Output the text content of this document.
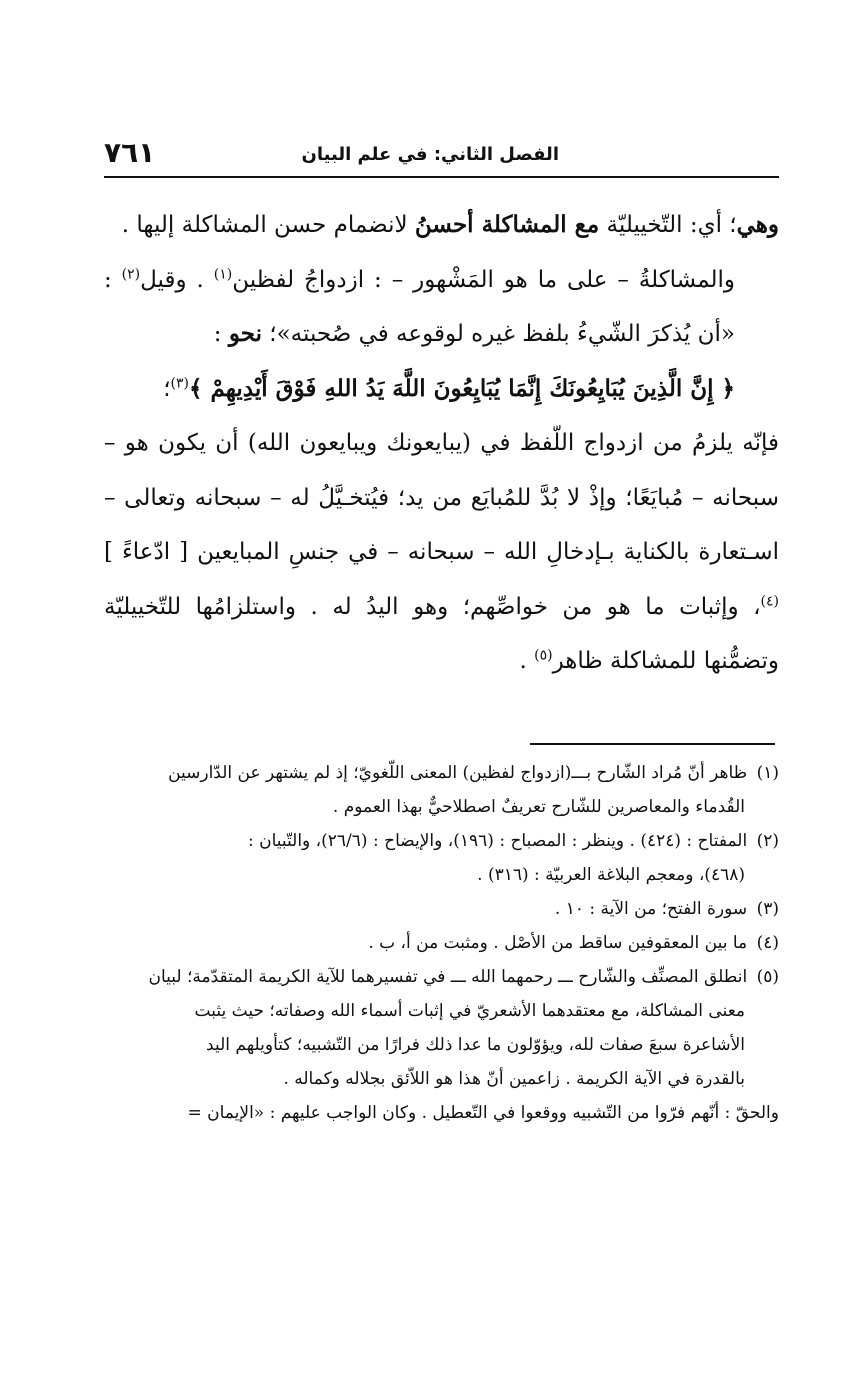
٧٦١	الفصل الثاني: في علم البيان

وهي؛ أي: التّخييليّة مع المشاكلة أحسنُ لانضمام حسن المشاكلة إليها .

والمشاكلةُ – على ما هو المَشْهور – : ازدواجُ لفظين$^{(١)}$ . وقيل$^{(٢)}$ : «أن يُذكرَ الشّيءُ بلفظ غيره لوقوعه في صُحبته»؛ نحو :

﴿ إِنَّ الَّذِينَ يُبَايِعُونَكَ إِنَّمَا يُبَايِعُونَ اللَّهَ يَدُ اللهِ فَوْقَ أَيْدِيهِمْ ﴾$^{(٣)}$؛

فإنّه يلزمُ من ازدواج اللّفظ في (يبايعونك ويبايعون الله) أن يكون هو – سبحانه – مُبايَعًا؛ وإذْ لا بُدَّ للمُبايَع من يد؛ فيُتخـيَّلُ له – سبحانه وتعالى – اسـتعارة بالكناية بـإدخالِ الله – سبحانه – في جنسِ المبايعين [ ادّعاءً ]$^{(٤)}$، وإثبات ما هو من خواصِّهم؛ وهو اليدُ له . واستلزامُها للتّخييليّة وتضمُّنها للمشاكلة ظاهر$^{(٥)}$ .

(١) ظاهر أنّ مُراد الشّارح بـــ(ازدواج لفظين) المعنى اللّغويّ؛ إذ لم يشتهر عن الدّارسين

القُدماء والمعاصرين للشّارح تعريفٌ اصطلاحيٌّ بهذا العموم .

(٢) المفتاح : (٤٢٤) . وينظر : المصباح : (١٩٦)، والإيضاح : (٢٦/٦)، والتّبيان :

(٤٦٨)، ومعجم البلاغة العربيّة : (٣١٦) .

(٣) سورة الفتح؛ من الآية : ١٠ .

(٤) ما بين المعقوفين ساقط من الأصْل . ومثبت من أ، ب .

(٥) انطلق المصنِّف والشّارح ـــ رحمهما الله ـــ في تفسيرهما للآية الكريمة المتقدّمة؛ لبيان

معنى المشاكلة، مع معتقدهما الأشعريّ في إثبات أسماء الله وصفاته؛ حيث يثبت

الأشاعرة سبعَ صفات لله، ويؤوّلون ما عدا ذلك فرارًا من التّشبيه؛ كتأويلهم اليد

بالقدرة في الآية الكريمة . زاعمين أنّ هذا هو اللاّئق بجلاله وكماله .

والحقّ : أنّهم فرّوا من التّشبيه ووقعوا في التّعطيل . وكان الواجب عليهم : «الإيمان =
